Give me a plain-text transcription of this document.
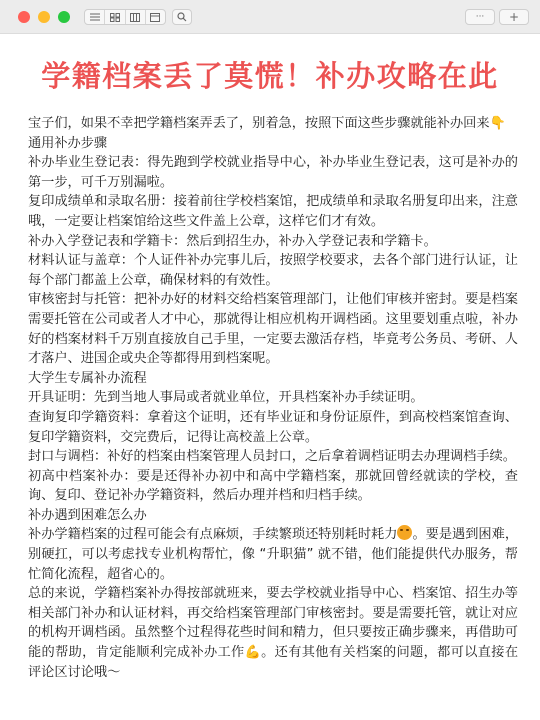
··· +
学籍档案丢了莫慌！补办攻略在此

宝子们，如果不幸把学籍档案弄丢了，别着急，按照下面这些步骤就能补办回来👇

通用补办步骤

补办毕业生登记表：得先跑到学校就业指导中心，补办毕业生登记表，这可是补办的第一步，可千万别漏啦。

复印成绩单和录取名册：接着前往学校档案馆，把成绩单和录取名册复印出来，注意哦，一定要让档案馆给这些文件盖上公章，这样它们才有效。

补办入学登记表和学籍卡：然后到招生办，补办入学登记表和学籍卡。

材料认证与盖章：个人证件补办完事儿后，按照学校要求，去各个部门进行认证，让每个部门都盖上公章，确保材料的有效性。

审核密封与托管：把补办好的材料交给档案管理部门，让他们审核并密封。要是档案需要托管在公司或者人才中心，那就得让相应机构开调档函。这里要划重点啦，补办好的档案材料千万别直接放自己手里，一定要去激活存档，毕竟考公务员、考研、人才落户、进国企或央企等都得用到档案呢。

大学生专属补办流程

开具证明：先到当地人事局或者就业单位，开具档案补办手续证明。

查询复印学籍资料：拿着这个证明，还有毕业证和身份证原件，到高校档案馆查询、复印学籍资料，交完费后，记得让高校盖上公章。

封口与调档：补好的档案由档案管理人员封口，之后拿着调档证明去办理调档手续。

初高中档案补办：要是还得补办初中和高中学籍档案，那就回曾经就读的学校，查询、复印、登记补办学籍资料，然后办理并档和归档手续。

补办遇到困难怎么办

补办学籍档案的过程可能会有点麻烦，手续繁琐还特别耗时耗力 。要是遇到困难，别硬扛，可以考虑找专业机构帮忙，像 “升职猫” 就不错，他们能提供代办服务，帮忙简化流程，超省心的。

总的来说，学籍档案补办得按部就班来，要去学校就业指导中心、档案馆、招生办等相关部门补办和认证材料，再交给档案管理部门审核密封。要是需要托管，就让对应的机构开调档函。虽然整个过程得花些时间和精力，但只要按正确步骤来，再借助可能的帮助，肯定能顺利完成补办工作💪。还有其他有关档案的问题，都可以直接在评论区讨论哦～
